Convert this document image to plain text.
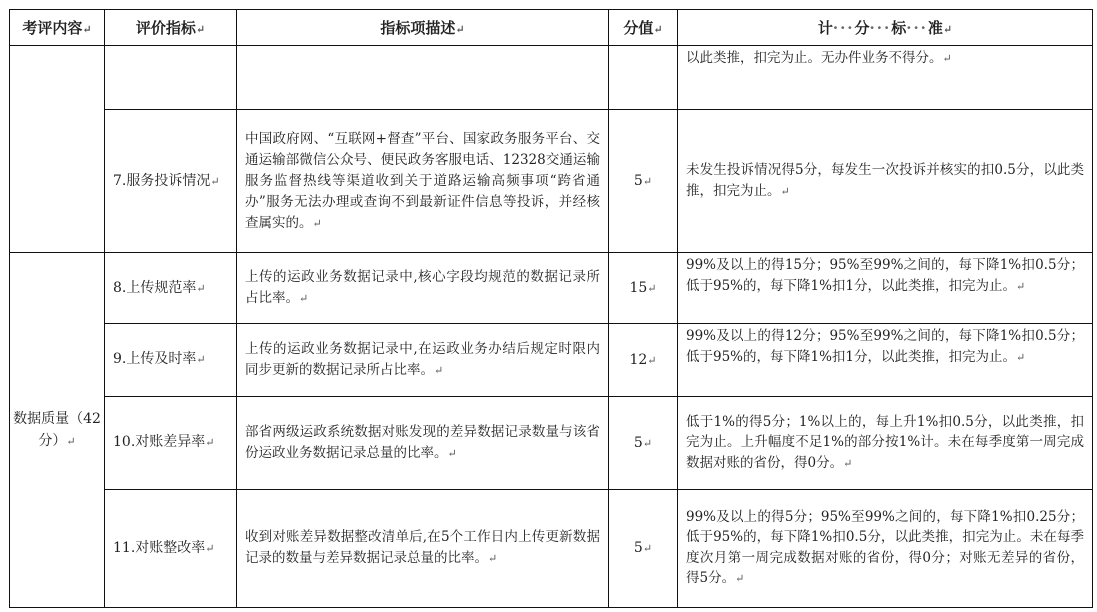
考评内容↵	评价指标↵	指标项描述↵	分值↵	计···分···标···准↵
				以此类推，扣完为止。无办件业务不得分。↵
	7.服务投诉情况↵	中国政府网、“互联网+督查”平台、国家政务服务平台、交通运输部微信公众号、便民政务客服电话、12328交通运输服务监督热线等渠道收到关于道路运输高频事项“跨省通办”服务无法办理或查询不到最新证件信息等投诉，并经核查属实的。↵	5↵	未发生投诉情况得5分，每发生一次投诉并核实的扣0.5分，以此类推，扣完为止。↵
数据质量（42分）↵	8.上传规范率↵	上传的运政业务数据记录中,核心字段均规范的数据记录所占比率。↵	15↵	99%及以上的得15分；95%至99%之间的，每下降1%扣0.5分；低于95%的，每下降1%扣1分，以此类推，扣完为止。↵
	9.上传及时率↵	上传的运政业务数据记录中,在运政业务办结后规定时限内同步更新的数据记录所占比率。↵	12↵	99%及以上的得12分；95%至99%之间的，每下降1%扣0.5分；低于95%的，每下降1%扣1分，以此类推，扣完为止。↵
	10.对账差异率↵	部省两级运政系统数据对账发现的差异数据记录数量与该省份运政业务数据记录总量的比率。↵	5↵	低于1%的得5分；1%以上的，每上升1%扣0.5分，以此类推，扣完为止。上升幅度不足1%的部分按1%计。未在每季度第一周完成数据对账的省份，得0分。↵
	11.对账整改率↵	收到对账差异数据整改清单后,在5个工作日内上传更新数据记录的数量与差异数据记录总量的比率。↵	5↵	99%及以上的得5分；95%至99%之间的，每下降1%扣0.25分；低于95%的，每下降1%扣0.5分，以此类推，扣完为止。未在每季度次月第一周完成数据对账的省份，得0分；对账无差异的省份，得5分。↵
